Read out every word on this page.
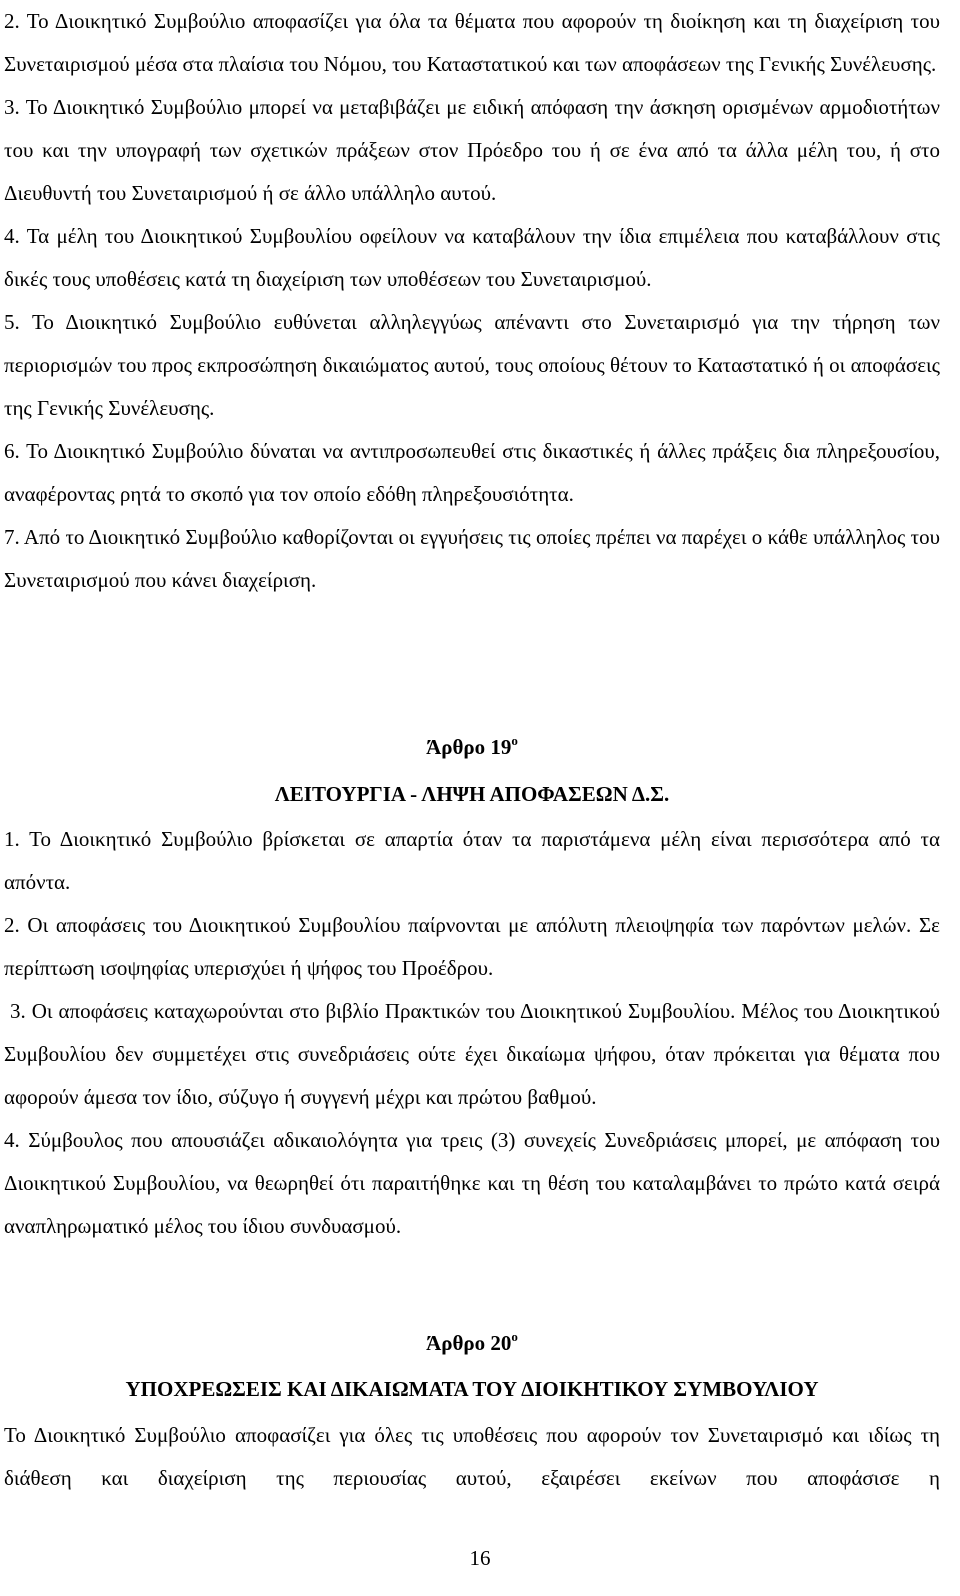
2. Το Διοικητικό Συμβούλιο αποφασίζει για όλα τα θέματα που αφορούν τη διοίκηση και τη διαχείριση του Συνεταιρισμού μέσα στα πλαίσια του Νόμου, του Καταστατικού και των αποφάσεων της Γενικής Συνέλευσης.

3. Το Διοικητικό Συμβούλιο μπορεί να μεταβιβάζει με ειδική απόφαση την άσκηση ορισμένων αρμοδιοτήτων του και την υπογραφή των σχετικών πράξεων στον Πρόεδρο του ή σε ένα από τα άλλα μέλη του, ή στο Διευθυντή του Συνεταιρισμού ή σε άλλο υπάλληλο αυτού.

4. Τα μέλη του Διοικητικού Συμβουλίου οφείλουν να καταβάλουν την ίδια επιμέλεια που καταβάλλουν στις δικές τους υποθέσεις κατά τη διαχείριση των υποθέσεων του Συνεταιρισμού.

5. Το Διοικητικό Συμβούλιο ευθύνεται αλληλεγγύως απέναντι στο Συνεταιρισμό για την τήρηση των περιορισμών του προς εκπροσώπηση δικαιώματος αυτού, τους οποίους θέτουν το Καταστατικό ή οι αποφάσεις της Γενικής Συνέλευσης.

6. Το Διοικητικό Συμβούλιο δύναται να αντιπροσωπευθεί στις δικαστικές ή άλλες πράξεις δια πληρεξουσίου, αναφέροντας ρητά το σκοπό για τον οποίο εδόθη πληρεξουσιότητα.

7. Από το Διοικητικό Συμβούλιο καθορίζονται οι εγγυήσεις τις οποίες πρέπει να παρέχει ο κάθε υπάλληλος του Συνεταιρισμού που κάνει διαχείριση.

Άρθρο $19^o$

ΛΕΙΤΟΥΡΓΙΑ - ΛΗΨΗ ΑΠΟΦΑΣΕΩΝ Δ.Σ.

1. Το Διοικητικό Συμβούλιο βρίσκεται σε απαρτία όταν τα παριστάμενα μέλη είναι περισσότερα από τα απόντα.

2. Οι αποφάσεις του Διοικητικού Συμβουλίου παίρνονται με απόλυτη πλειοψηφία των παρόντων μελών. Σε περίπτωση ισοψηφίας υπερισχύει ή ψήφος του Προέδρου.

3. Οι αποφάσεις καταχωρούνται στο βιβλίο Πρακτικών του Διοικητικού Συμβουλίου. Μέλος του Διοικητικού Συμβουλίου δεν συμμετέχει στις συνεδριάσεις ούτε έχει δικαίωμα ψήφου, όταν πρόκειται για θέματα που αφορούν άμεσα τον ίδιο, σύζυγο ή συγγενή μέχρι και πρώτου βαθμού.

4. Σύμβουλος που απουσιάζει αδικαιολόγητα για τρεις (3) συνεχείς Συνεδριάσεις μπορεί, με απόφαση του Διοικητικού Συμβουλίου, να θεωρηθεί ότι παραιτήθηκε και τη θέση του καταλαμβάνει το πρώτο κατά σειρά αναπληρωματικό μέλος του ίδιου συνδυασμού.

Άρθρο $20^o$

ΥΠΟΧΡΕΩΣΕΙΣ ΚΑΙ ΔΙΚΑΙΩΜΑΤΑ ΤΟΥ ΔΙΟΙΚΗΤΙΚΟΥ ΣΥΜΒΟΥΛΙΟΥ

Το Διοικητικό Συμβούλιο αποφασίζει για όλες τις υποθέσεις που αφορούν τον Συνεταιρισμό και ιδίως τη διάθεση και διαχείριση της περιουσίας αυτού, εξαιρέσει εκείνων που αποφάσισε η

16
